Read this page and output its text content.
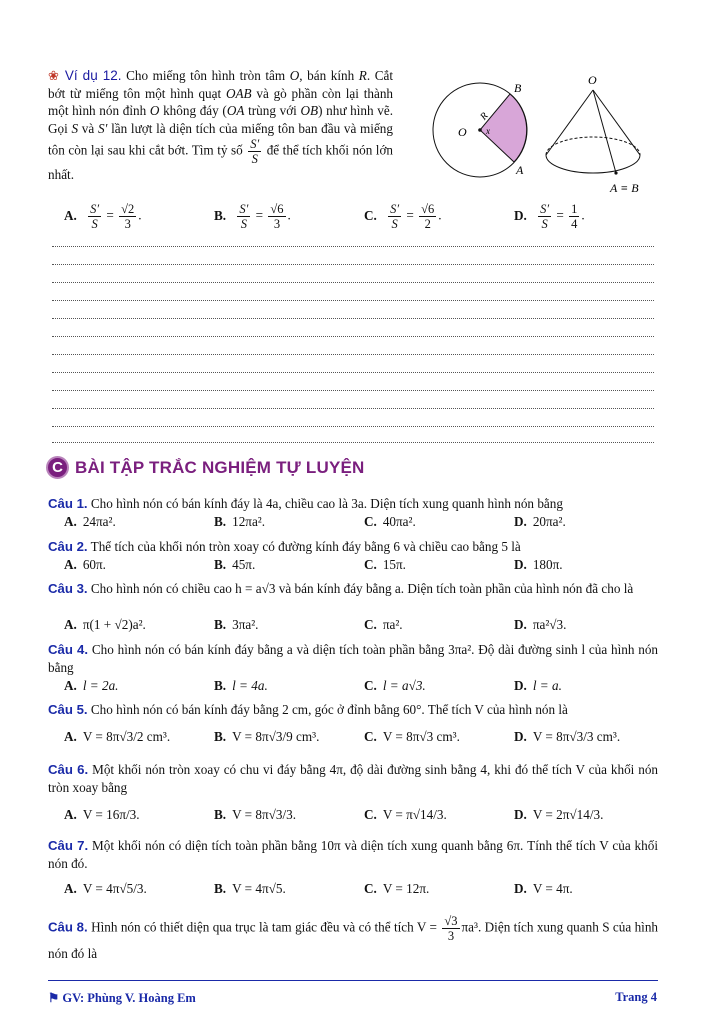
❀ Ví dụ 12. Cho miếng tôn hình tròn tâm O, bán kính R. Cắt bớt từ miếng tôn một hình quạt OAB và gò phần còn lại thành một hình nón đỉnh O không đáy (OA trùng với OB) như hình vẽ. Gọi S và S′ lần lượt là diện tích của miếng tôn ban đầu và miếng tôn còn lại sau khi cắt bớt. Tìm tỷ số $\frac{S'}{S}$ để thể tích khối nón lớn nhất.
O
R
x
B
A
O
A ≡ B
A. $\frac{S'}{S} = \frac{√2}{3}$ .	B. $\frac{S'}{S} = \frac{√6}{3}$ .	C. $\frac{S'}{S} = \frac{√6}{2}$ .	D. $\frac{S'}{S} = \frac{1}{4}$ .
C BÀI TẬP TRẮC NGHIỆM TỰ LUYỆN
Câu 1. Cho hình nón có bán kính đáy là 4a, chiều cao là 3a. Diện tích xung quanh hình nón bằng
A. 24πa².	B. 12πa².	C. 40πa².	D. 20πa².
Câu 2. Thể tích của khối nón tròn xoay có đường kính đáy bằng 6 và chiều cao bằng 5 là
A. 60π.	B. 45π.	C. 15π.	D. 180π.
Câu 3. Cho hình nón có chiều cao h = a√3 và bán kính đáy bằng a. Diện tích toàn phần của hình nón đã cho là
A. π(1 + √2)a².	B. 3πa².	C. πa².	D. πa²√3.
Câu 4. Cho hình nón có bán kính đáy bằng a và diện tích toàn phần bằng 3πa². Độ dài đường sinh l của hình nón bằng
A. l = 2a.	B. l = 4a.	C. l = a√3.	D. l = a.
Câu 5. Cho hình nón có bán kính đáy bằng 2 cm, góc ở đỉnh bằng 60°. Thể tích V của hình nón là
A. V = 8π√3/2 cm³.	B. V = 8π√3/9 cm³.	C. V = 8π√3 cm³.	D. V = 8π√3/3 cm³.
Câu 6. Một khối nón tròn xoay có chu vi đáy bằng 4π, độ dài đường sinh bằng 4, khi đó thể tích V của khối nón tròn xoay bằng
A. V = 16π/3.	B. V = 8π√3/3.	C. V = π√14/3.	D. V = 2π√14/3.
Câu 7. Một khối nón có diện tích toàn phần bằng 10π và diện tích xung quanh bằng 6π. Tính thể tích V của khối nón đó.
A. V = 4π√5/3.	B. V = 4π√5.	C. V = 12π.	D. V = 4π.
Câu 8. Hình nón có thiết diện qua trục là tam giác đều và có thể tích $V = \frac{√3}{3} \pi a^3$. Diện tích xung quanh S của hình nón đó là
⚑ GV: Phùng V. Hoàng Em	Trang 4
